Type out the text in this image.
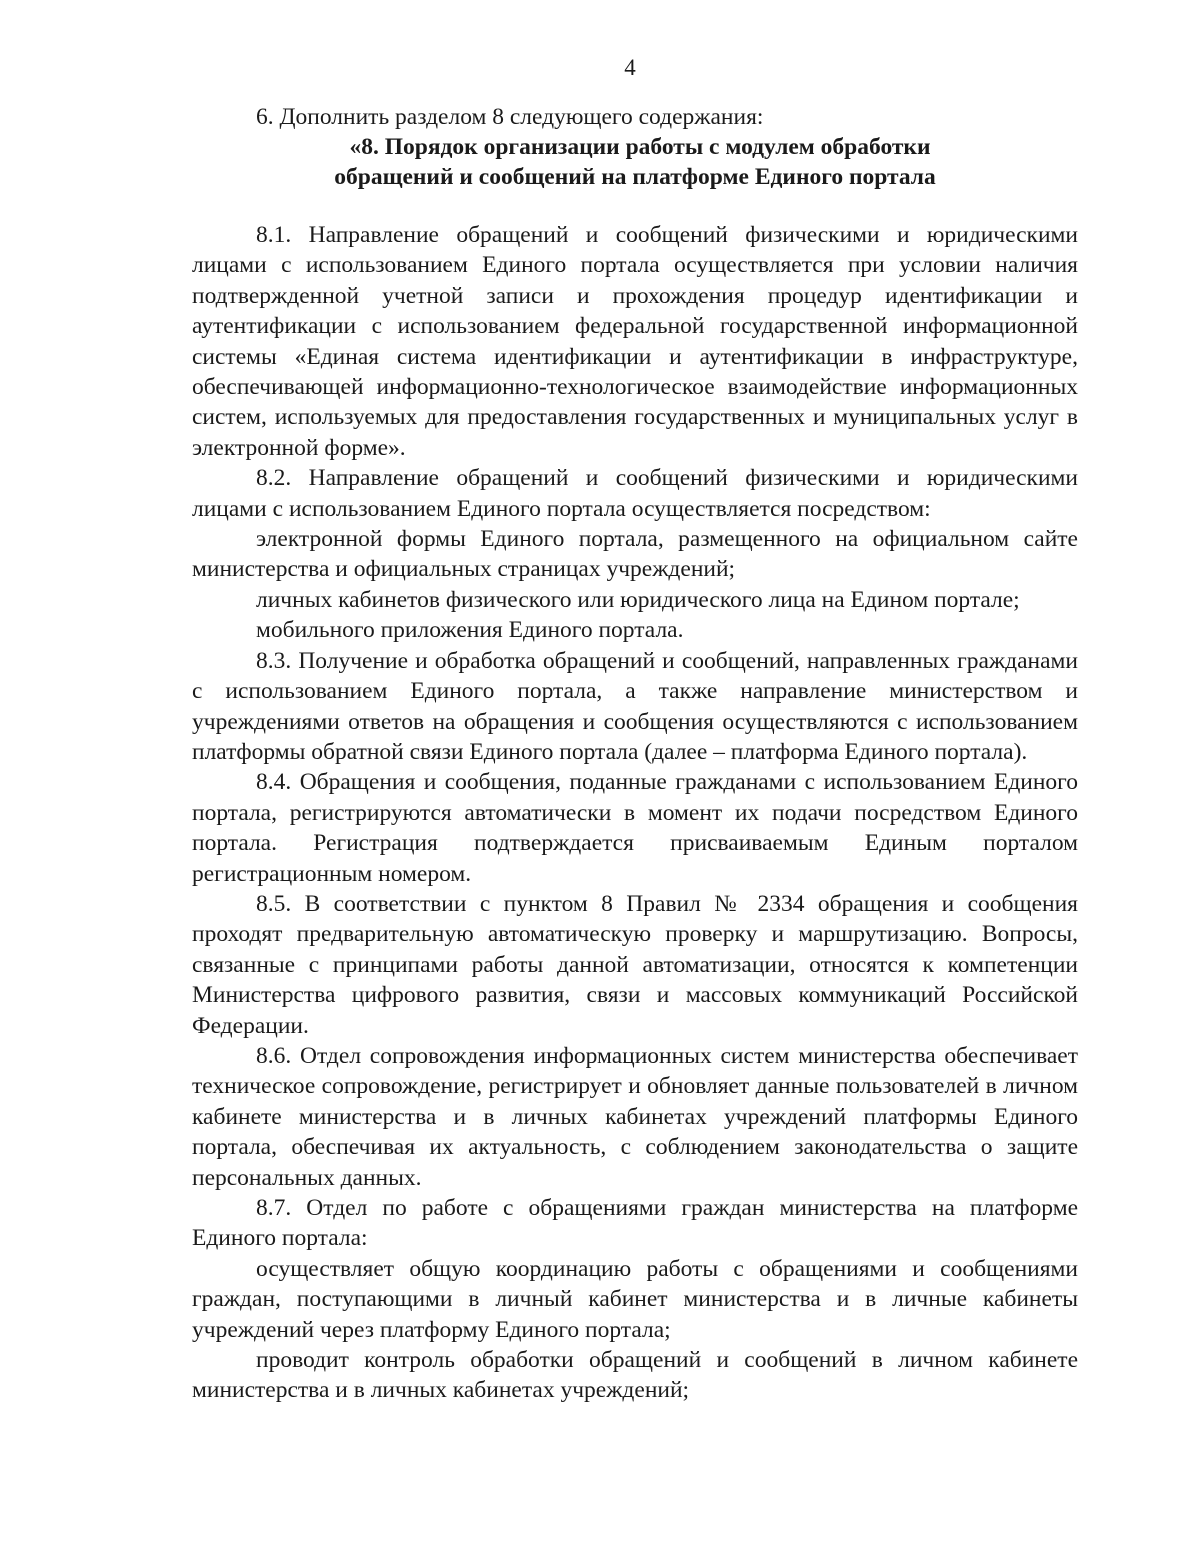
4

6. Дополнить разделом 8 следующего содержания:

«8. Порядок организации работы с модулем обработки
обращений и сообщений на платформе Единого портала

8.1. Направление обращений и сообщений физическими и юридическими лицами с использованием Единого портала осуществляется при условии наличия подтвержденной учетной записи и прохождения процедур идентификации и аутентификации с использованием федеральной государственной информационной системы «Единая система идентификации и аутентификации в инфраструктуре, обеспечивающей информационно-технологическое взаимодействие информационных систем, используемых для предоставления государственных и муниципальных услуг в электронной форме».

8.2. Направление обращений и сообщений физическими и юридическими лицами с использованием Единого портала осуществляется посредством:

электронной формы Единого портала, размещенного на официальном сайте министерства и официальных страницах учреждений;

личных кабинетов физического или юридического лица на Едином портале;

мобильного приложения Единого портала.

8.3. Получение и обработка обращений и сообщений, направленных гражданами с использованием Единого портала, а также направление министерством и учреждениями ответов на обращения и сообщения осуществляются с использованием платформы обратной связи Единого портала (далее – платформа Единого портала).

8.4. Обращения и сообщения, поданные гражданами с использованием Единого портала, регистрируются автоматически в момент их подачи посредством Единого портала. Регистрация подтверждается присваиваемым Единым порталом регистрационным номером.

8.5. В соответствии с пунктом 8 Правил № 2334 обращения и сообщения проходят предварительную автоматическую проверку и маршрутизацию. Вопросы, связанные с принципами работы данной автоматизации, относятся к компетенции Министерства цифрового развития, связи и массовых коммуникаций Российской Федерации.

8.6. Отдел сопровождения информационных систем министерства обеспечивает техническое сопровождение, регистрирует и обновляет данные пользователей в личном кабинете министерства и в личных кабинетах учреждений платформы Единого портала, обеспечивая их актуальность, с соблюдением законодательства о защите персональных данных.

8.7. Отдел по работе с обращениями граждан министерства на платформе Единого портала:

осуществляет общую координацию работы с обращениями и сообщениями граждан, поступающими в личный кабинет министерства и в личные кабинеты учреждений через платформу Единого портала;

проводит контроль обработки обращений и сообщений в личном кабинете министерства и в личных кабинетах учреждений;
